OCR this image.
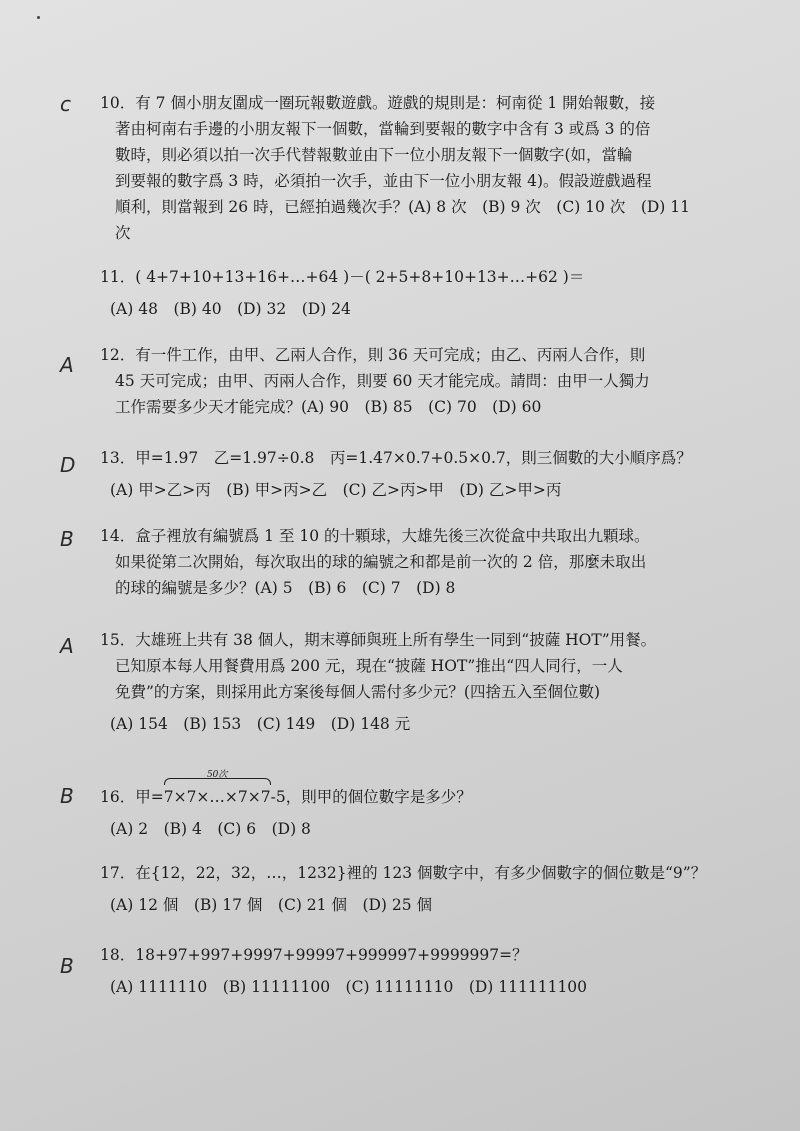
c
A
D
B
A
B
B
10．有 7 個小朋友圍成一圈玩報數遊戲。遊戲的規則是：柯南從 1 開始報數，接
著由柯南右手邊的小朋友報下一個數，當輪到要報的數字中含有 3 或爲 3 的倍
數時，則必須以拍一次手代替報數並由下一位小朋友報下一個數字(如，當輪
到要報的數字爲 3 時，必須拍一次手，並由下一位小朋友報 4)。假設遊戲過程
順利，則當報到 26 時，已經拍過幾次手？(A) 8 次　(B) 9 次　(C) 10 次　(D) 11
次
11．( 4+7+10+13+16+…+64 )－( 2+5+8+10+13+…+62 )＝
(A) 48　(B) 40　(D) 32　(D) 24
12．有一件工作，由甲、乙兩人合作，則 36 天可完成；由乙、丙兩人合作，則
45 天可完成；由甲、丙兩人合作，則要 60 天才能完成。請問：由甲一人獨力
工作需要多少天才能完成？(A) 90　(B) 85　(C) 70　(D) 60
13．甲=1.97　乙=1.97÷0.8　丙=1.47×0.7+0.5×0.7，則三個數的大小順序爲？
(A) 甲>乙>丙　(B) 甲>丙>乙　(C) 乙>丙>甲　(D) 乙>甲>丙
14．盒子裡放有編號爲 1 至 10 的十顆球，大雄先後三次從盒中共取出九顆球。
如果從第二次開始，每次取出的球的編號之和都是前一次的 2 倍，那麼未取出
的球的編號是多少？(A) 5　(B) 6　(C) 7　(D) 8
15．大雄班上共有 38 個人，期末導師與班上所有學生一同到“披薩 HOT”用餐。
已知原本每人用餐費用爲 200 元，現在“披薩 HOT”推出“四人同行，一人
免費”的方案，則採用此方案後每個人需付多少元？(四捨五入至個位數)
(A) 154　(B) 153　(C) 149　(D) 148 元
16．甲=
50次
7×7×…×7×7-5，則甲的個位數字是多少？
(A) 2　(B) 4　(C) 6　(D) 8
17．在{12，22，32，…，1232}裡的 123 個數字中，有多少個數字的個位數是“9”？
(A) 12 個　(B) 17 個　(C) 21 個　(D) 25 個
18．18+97+997+9997+99997+999997+9999997=？
(A) 1111110　(B) 11111100　(C) 11111110　(D) 111111100
